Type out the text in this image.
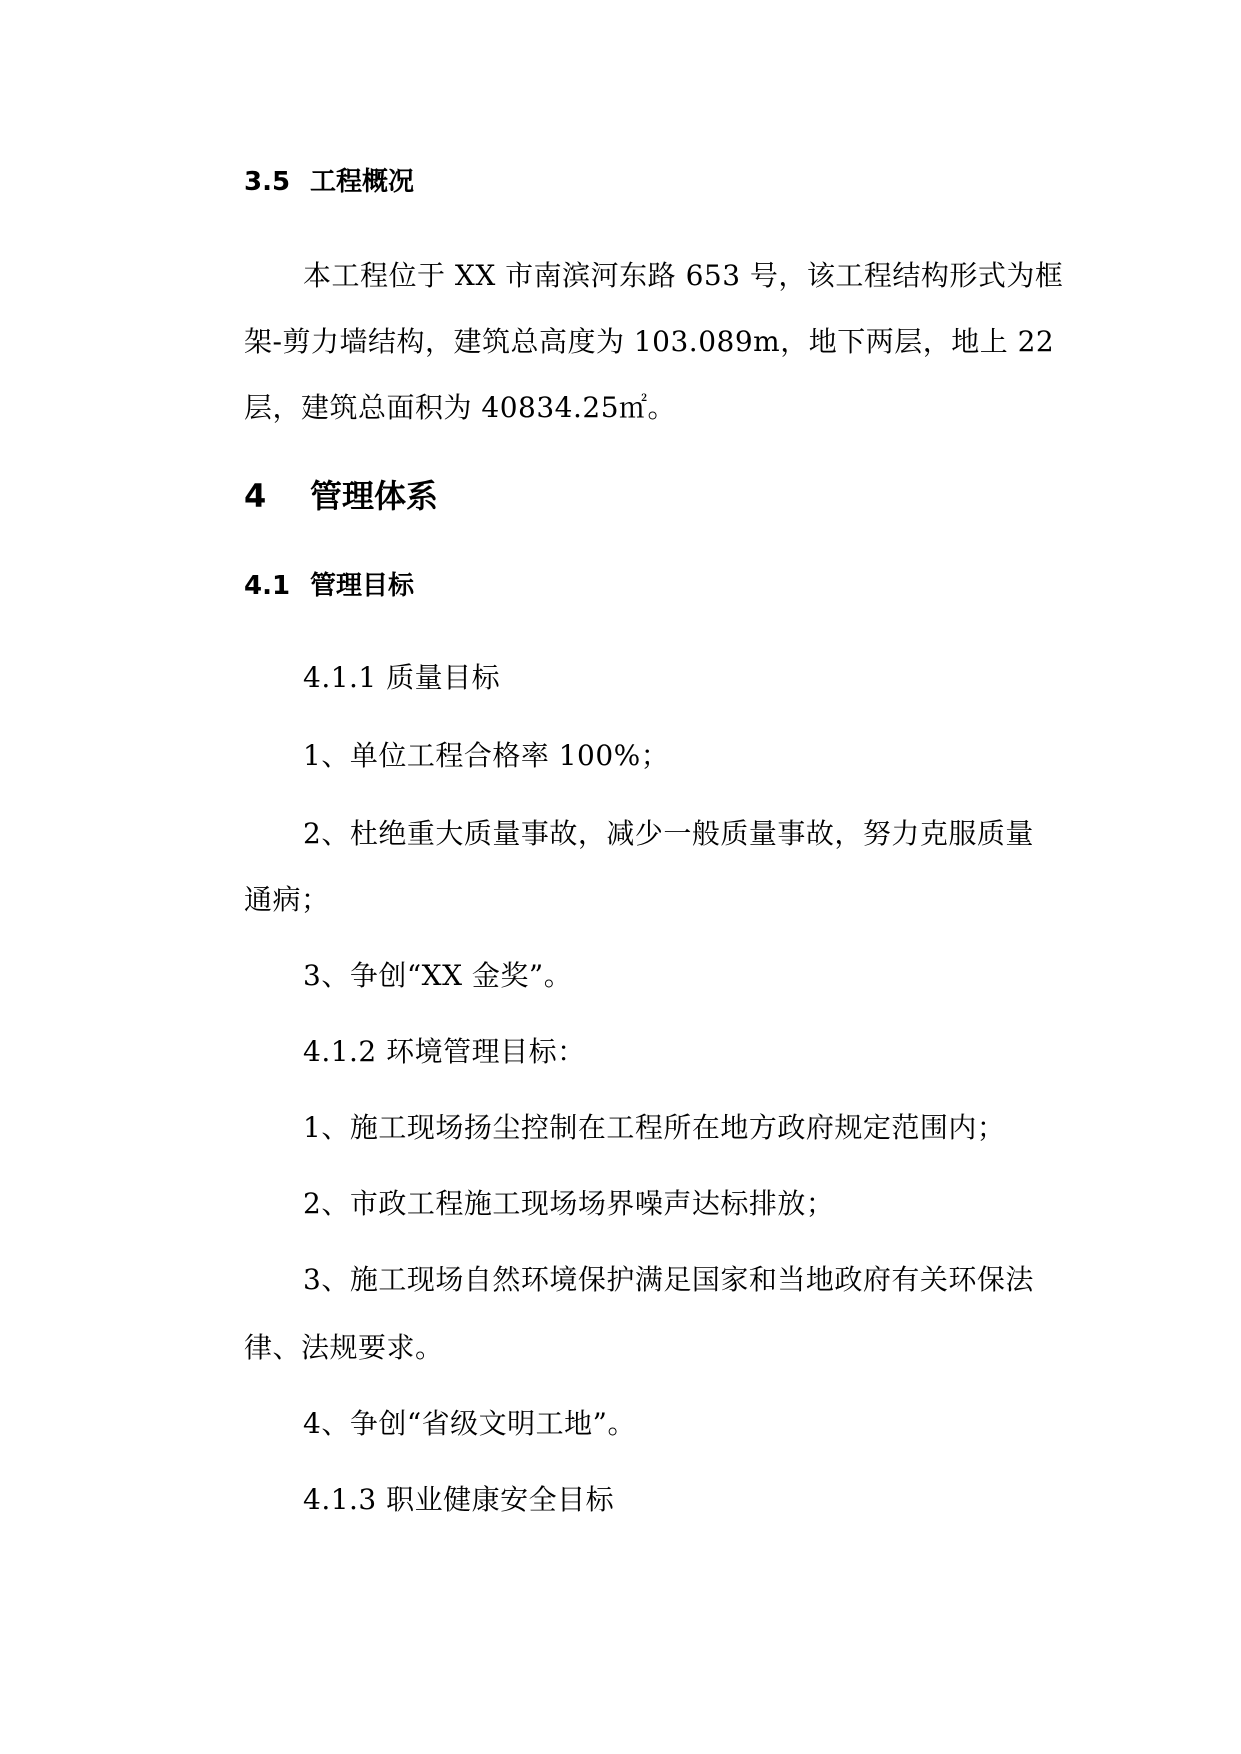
3.5 工程概况
本工程位于 XX 市南滨河东路 653 号，该工程结构形式为框
架-剪力墙结构，建筑总高度为 103.089m，地下两层，地上 22
层，建筑总面积为 40834.25㎡。
4 管理体系
4.1 管理目标
4.1.1 质量目标
1、单位工程合格率 100%；
2、杜绝重大质量事故，减少一般质量事故，努力克服质量
通病；
3、争创“XX 金奖”。
4.1.2 环境管理目标：
1、施工现场扬尘控制在工程所在地方政府规定范围内；
2、市政工程施工现场场界噪声达标排放；
3、施工现场自然环境保护满足国家和当地政府有关环保法
律、法规要求。
4、争创“省级文明工地”。
4.1.3 职业健康安全目标
